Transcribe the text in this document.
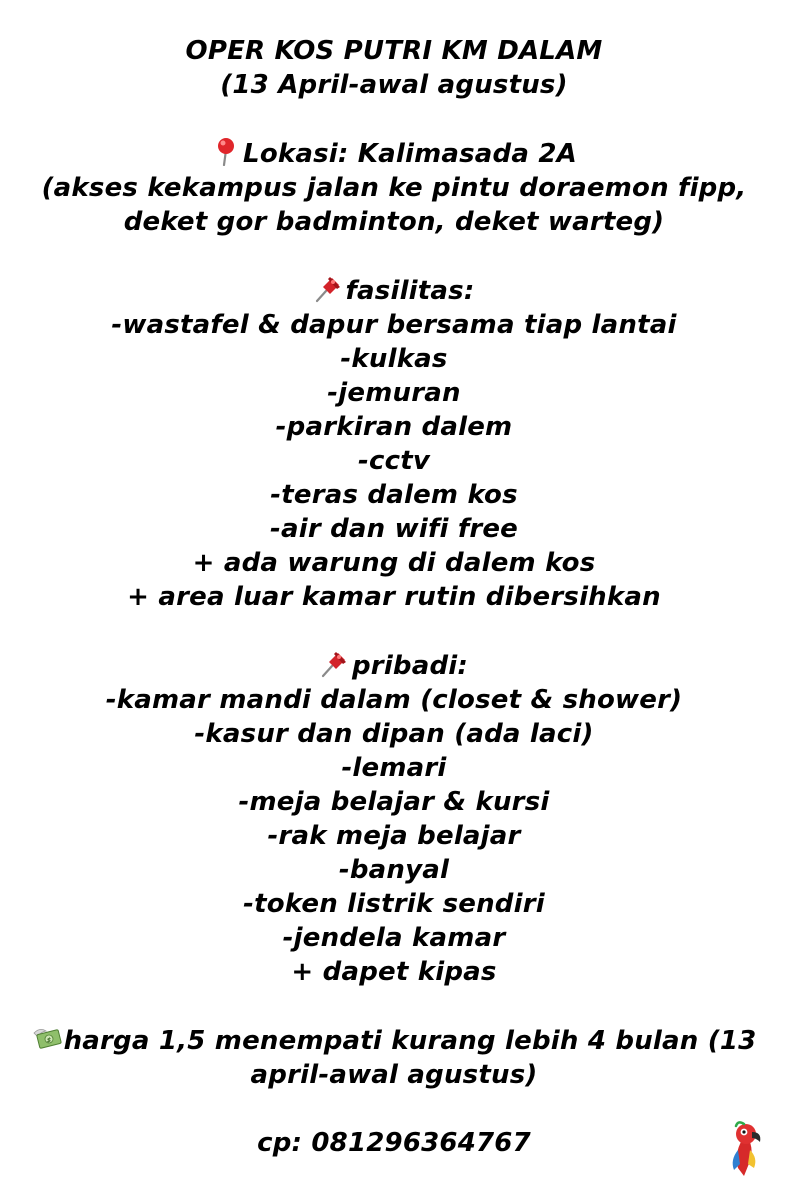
OPER KOS PUTRI KM DALAM
(13 April-awal agustus)
Lokasi: Kalimasada 2A
(akses kekampus jalan ke pintu doraemon fipp,
deket gor badminton, deket warteg)
fasilitas:
-wastafel & dapur bersama tiap lantai
-kulkas
-jemuran
-parkiran dalem
-cctv
-teras dalem kos
-air dan wifi free
+ ada warung di dalem kos
+ area luar kamar rutin dibersihkan
pribadi:
-kamar mandi dalam (closet & shower)
-kasur dan dipan (ada laci)
-lemari
-meja belajar & kursi
-rak meja belajar
-banyal
-token listrik sendiri
-jendela kamar
+ dapet kipas
$ harga 1,5 menempati kurang lebih 4 bulan (13
april-awal agustus)
cp: 081296364767
